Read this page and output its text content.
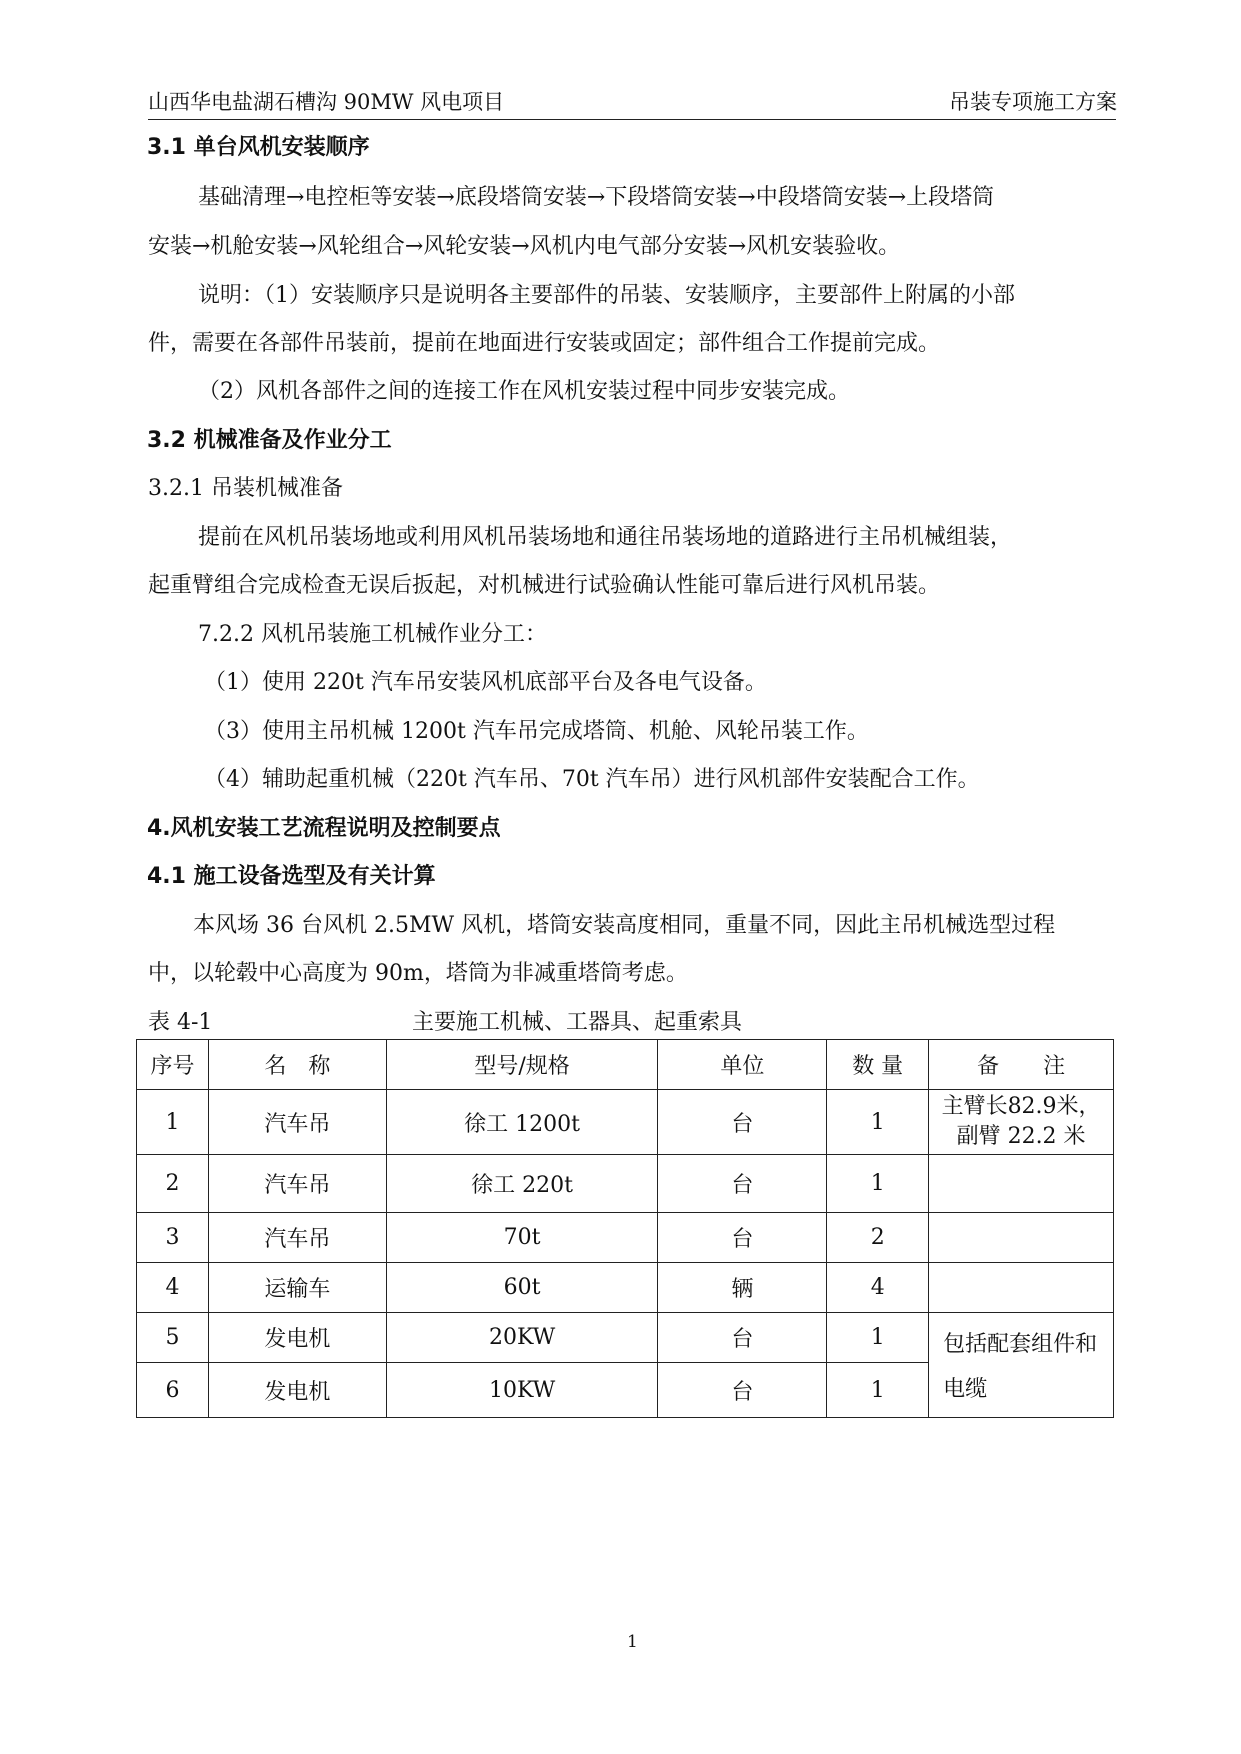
山西华电盐湖石槽沟 90MW 风电项目	吊装专项施工方案
3.1 单台风机安装顺序
基础清理→电控柜等安装→底段塔筒安装→下段塔筒安装→中段塔筒安装→上段塔筒
安装→机舱安装→风轮组合→风轮安装→风机内电气部分安装→风机安装验收。
说明：（1）安装顺序只是说明各主要部件的吊装、安装顺序，主要部件上附属的小部
件，需要在各部件吊装前，提前在地面进行安装或固定；部件组合工作提前完成。
（2）风机各部件之间的连接工作在风机安装过程中同步安装完成。
3.2 机械准备及作业分工
3.2.1 吊装机械准备
提前在风机吊装场地或利用风机吊装场地和通往吊装场地的道路进行主吊机械组装，
起重臂组合完成检查无误后扳起，对机械进行试验确认性能可靠后进行风机吊装。
7.2.2 风机吊装施工机械作业分工：
（1）使用 220t 汽车吊安装风机底部平台及各电气设备。
（3）使用主吊机械 1200t 汽车吊完成塔筒、机舱、风轮吊装工作。
（4）辅助起重机械（220t 汽车吊、70t 汽车吊）进行风机部件安装配合工作。
4.风机安装工艺流程说明及控制要点
4.1 施工设备选型及有关计算
本风场 36 台风机 2.5MW 风机，塔筒安装高度相同，重量不同，因此主吊机械选型过程
中，以轮毂中心高度为 90m，塔筒为非减重塔筒考虑。
表 4-1	主要施工机械、工器具、起重索具
序号	名　称	型号/规格	单位	数 量	备　　注
1	汽车吊	徐工 1200t	台	1	主臂长82.9米，
副臂 22.2 米

2	汽车吊	徐工 220t	台	1	
3	汽车吊	70t	台	2	
4	运输车	60t	辆	4	
5	发电机	20KW	台	1	包括配套组件和
电缆

6	发电机	10KW	台	1	
1
